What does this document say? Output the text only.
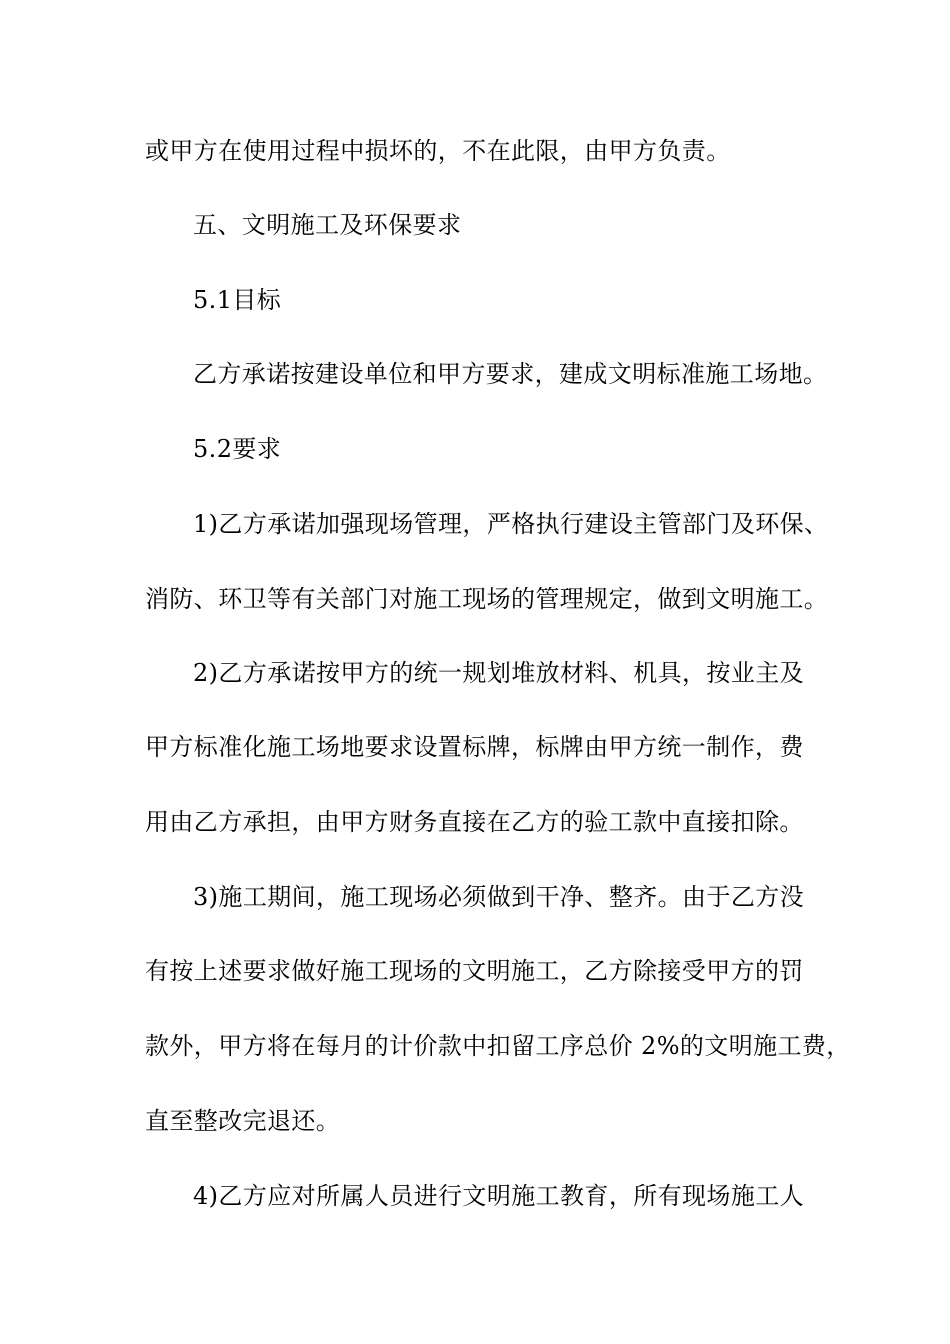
或甲方在使用过程中损坏的，不在此限，由甲方负责。
五、文明施工及环保要求
5.1目标
乙方承诺按建设单位和甲方要求，建成文明标准施工场地。
5.2要求
1)乙方承诺加强现场管理，严格执行建设主管部门及环保、
消防、环卫等有关部门对施工现场的管理规定，做到文明施工。
2)乙方承诺按甲方的统一规划堆放材料、机具，按业主及
甲方标准化施工场地要求设置标牌，标牌由甲方统一制作，费
用由乙方承担，由甲方财务直接在乙方的验工款中直接扣除。
3)施工期间，施工现场必须做到干净、整齐。由于乙方没
有按上述要求做好施工现场的文明施工，乙方除接受甲方的罚
款外，甲方将在每月的计价款中扣留工序总价 2%的文明施工费，
直至整改完退还。
4)乙方应对所属人员进行文明施工教育，所有现场施工人
